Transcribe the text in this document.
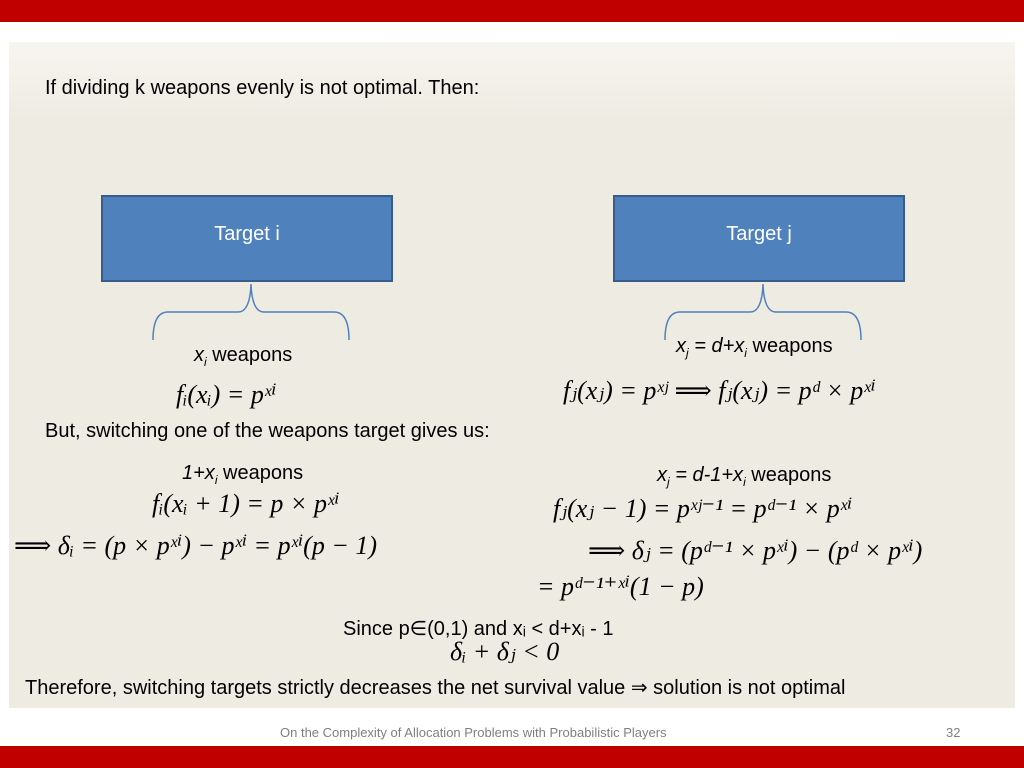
If dividing k weapons evenly is not optimal. Then:
Target i	Target j
$x_i$ weapons	$x_j = d+x_i$ weapons
fᵢ(xᵢ) = pˣⁱ	fⱼ(xⱼ) = pˣʲ ⟹ fⱼ(xⱼ) = pᵈ × pˣⁱ
But, switching one of the weapons target gives us:
$1+x_i$ weapons	$x_j = d-1+x_i$ weapons
fᵢ(xᵢ + 1) = p × pˣⁱ
⟹ δᵢ = (p × pˣⁱ) − pˣⁱ = pˣⁱ(p − 1)
fⱼ(xⱼ − 1) = pˣʲ⁻¹ = pᵈ⁻¹ × pˣⁱ
⟹ δⱼ = (pᵈ⁻¹ × pˣⁱ) − (pᵈ × pˣⁱ)
= pᵈ⁻¹⁺ˣⁱ(1 − p)
Since p∈(0,1) and xᵢ < d+xᵢ - 1
δᵢ + δⱼ < 0
Therefore, switching targets strictly decreases the net survival value ⇒ solution is not optimal
On the Complexity of Allocation Problems with Probabilistic Players	32
